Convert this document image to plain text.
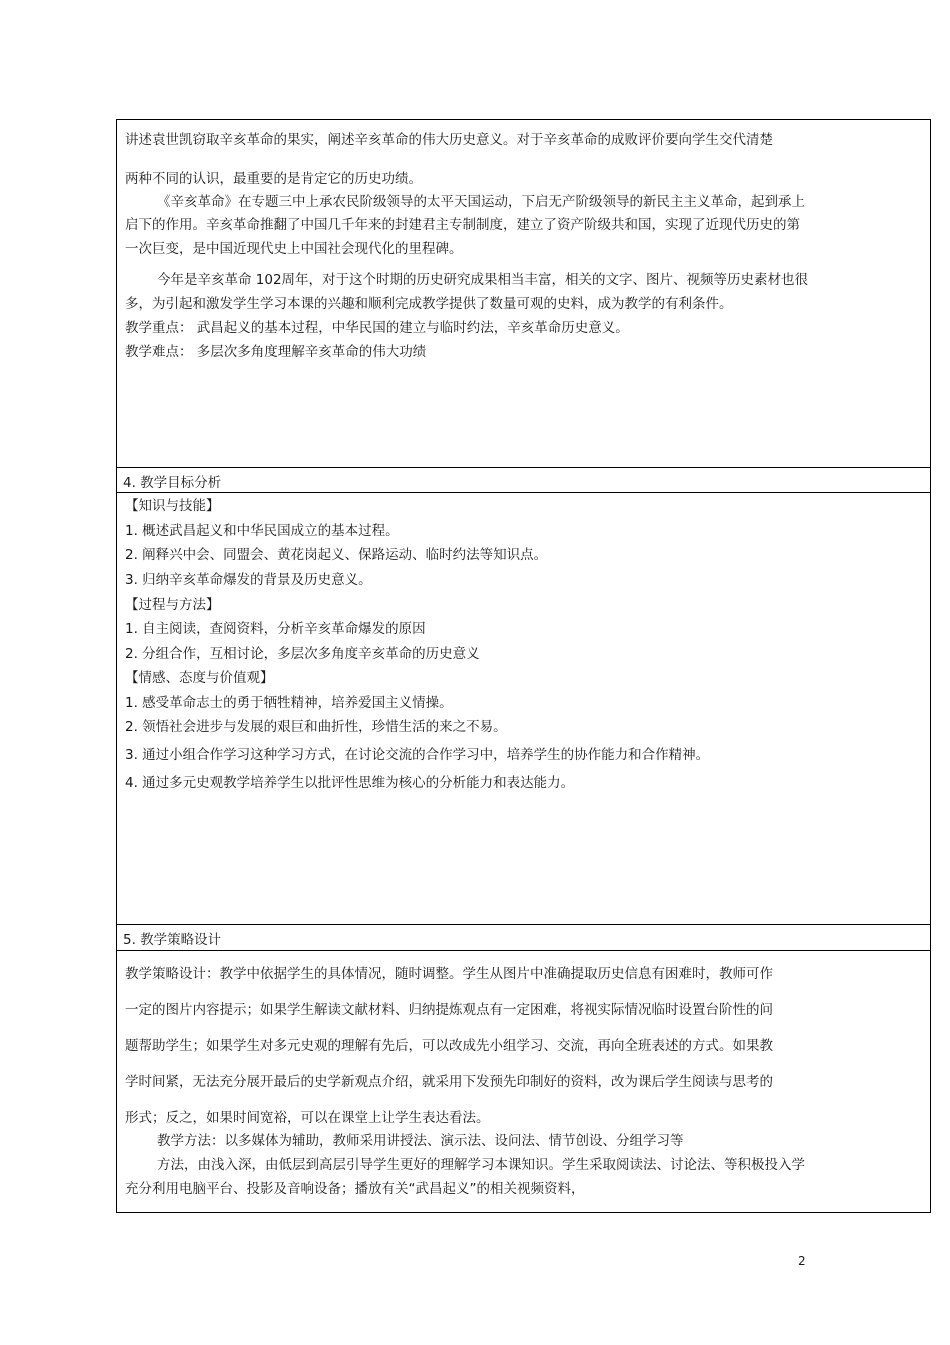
讲述袁世凯窃取辛亥革命的果实，阐述辛亥革命的伟大历史意义。对于辛亥革命的成败评价要向学生交代清楚
两种不同的认识，最重要的是肯定它的历史功绩。
《辛亥革命》在专题三中上承农民阶级领导的太平天国运动，下启无产阶级领导的新民主主义革命，起到承上
启下的作用。辛亥革命推翻了中国几千年来的封建君主专制制度，建立了资产阶级共和国，实现了近现代历史的第
一次巨变，是中国近现代史上中国社会现代化的里程碑。
今年是辛亥革命 102周年，对于这个时期的历史研究成果相当丰富，相关的文字、图片、视频等历史素材也很
多，为引起和激发学生学习本课的兴趣和顺利完成教学提供了数量可观的史料，成为教学的有利条件。
教学重点： 武昌起义的基本过程，中华民国的建立与临时约法，辛亥革命历史意义。
教学难点： 多层次多角度理解辛亥革命的伟大功绩
4. 教学目标分析
【知识与技能】
1. 概述武昌起义和中华民国成立的基本过程。
2. 阐释兴中会、同盟会、黄花岗起义、保路运动、临时约法等知识点。
3. 归纳辛亥革命爆发的背景及历史意义。
【过程与方法】
1. 自主阅读，查阅资料，分析辛亥革命爆发的原因
2. 分组合作，互相讨论，多层次多角度辛亥革命的历史意义
【情感、态度与价值观】
1. 感受革命志士的勇于牺牲精神，培养爱国主义情操。
2. 领悟社会进步与发展的艰巨和曲折性，珍惜生活的来之不易。
3. 通过小组合作学习这种学习方式，在讨论交流的合作学习中，培养学生的协作能力和合作精神。
4. 通过多元史观教学培养学生以批评性思维为核心的分析能力和表达能力。
5. 教学策略设计
教学策略设计：教学中依据学生的具体情况，随时调整。学生从图片中准确提取历史信息有困难时，教师可作
一定的图片内容提示；如果学生解读文献材料、归纳提炼观点有一定困难，将视实际情况临时设置台阶性的问
题帮助学生；如果学生对多元史观的理解有先后，可以改成先小组学习、交流，再向全班表述的方式。如果教
学时间紧，无法充分展开最后的史学新观点介绍，就采用下发预先印制好的资料，改为课后学生阅读与思考的
形式；反之，如果时间宽裕，可以在课堂上让学生表达看法。
教学方法：以多媒体为辅助，教师采用讲授法、演示法、设问法、情节创设、分组学习等
方法，由浅入深，由低层到高层引导学生更好的理解学习本课知识。学生采取阅读法、讨论法、等积极投入学
充分利用电脑平台、投影及音响设备；播放有关“武昌起义”的相关视频资料，
2
